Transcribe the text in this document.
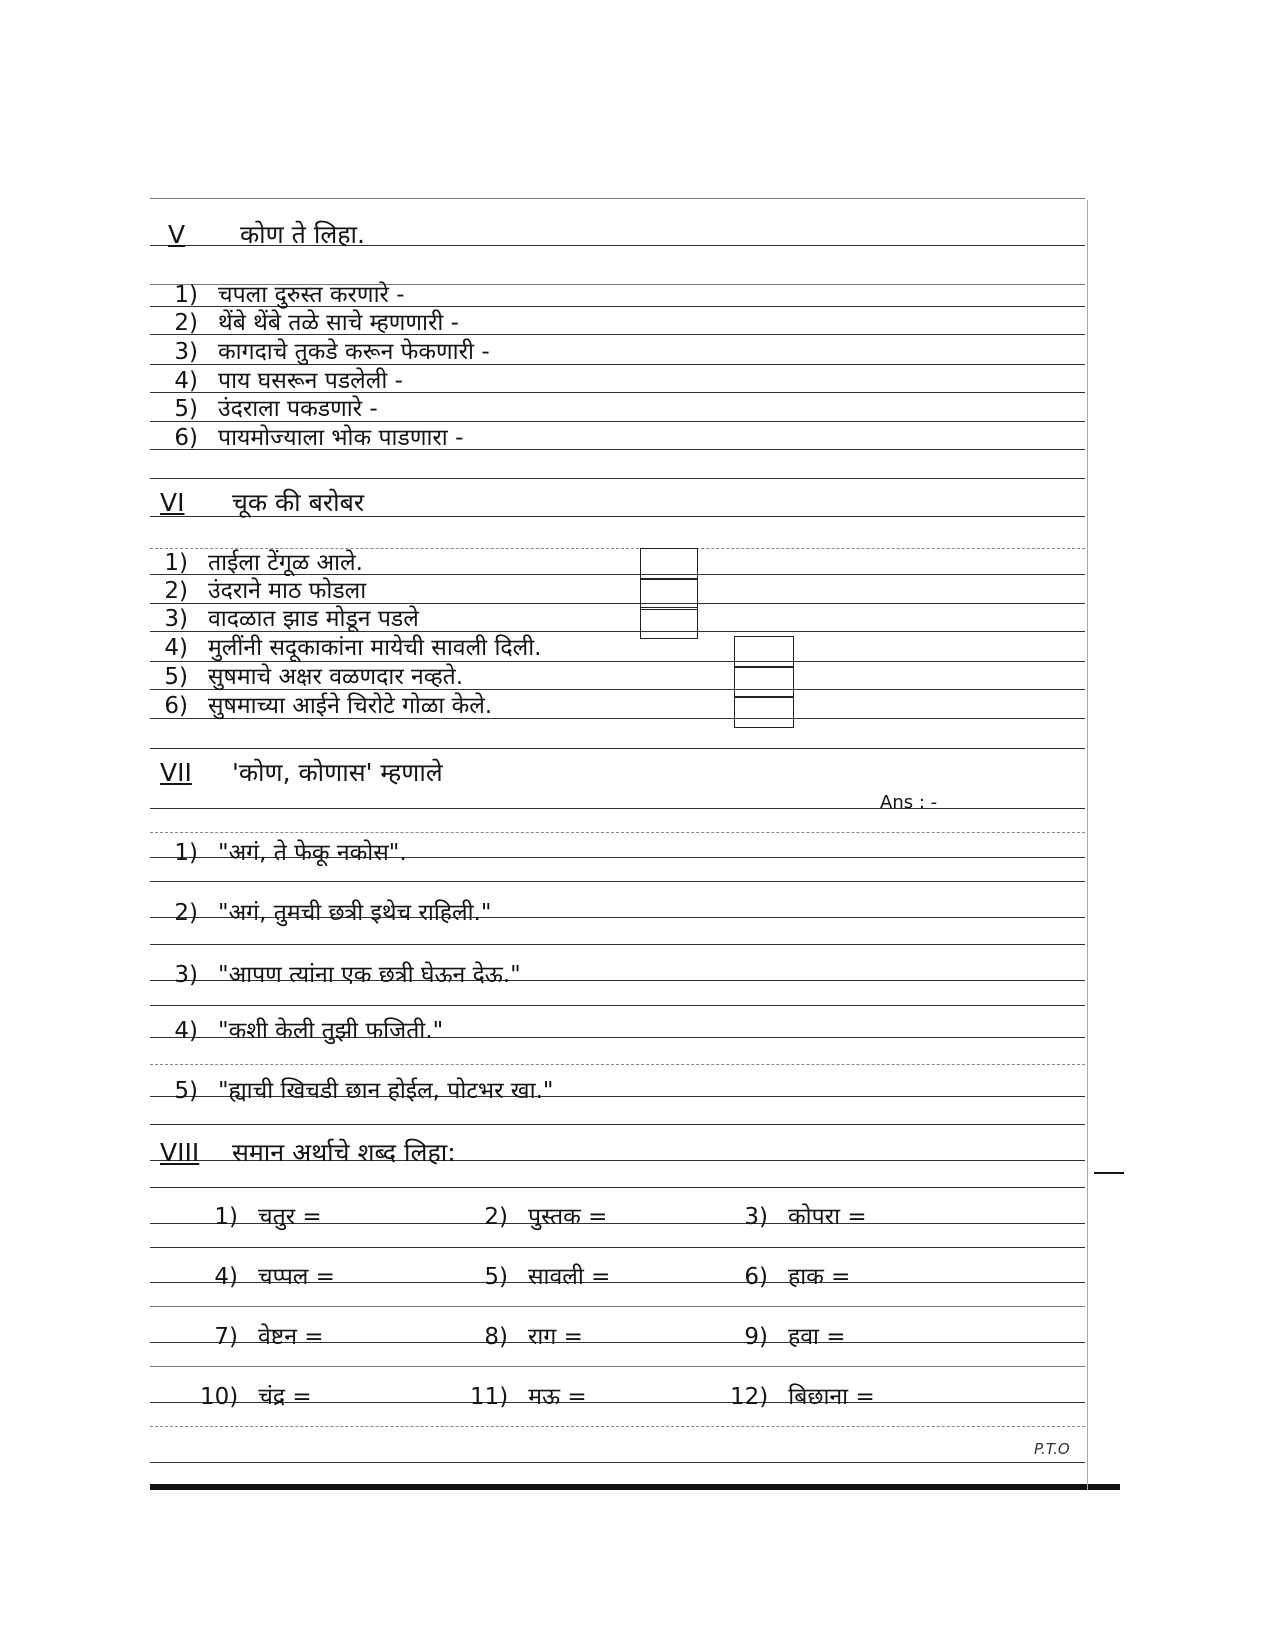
V कोण ते लिहा.
1) चपला दुरुस्त करणारे -
2) थेंबे थेंबे तळे साचे म्हणणारी -
3) कागदाचे तुकडे करून फेकणारी -
4) पाय घसरून पडलेली -
5) उंदराला पकडणारे -
6) पायमोज्याला भोक पाडणारा -
VI चूक की बरोबर
1) ताईला टेंगूळ आले.
2) उंदराने माठ फोडला
3) वादळात झाड मोडून पडले
4) मुलींनी सदूकाकांना मायेची सावली दिली.
5) सुषमाचे अक्षर वळणदार नव्हते.
6) सुषमाच्या आईने चिरोटे गोळा केले.
VII 'कोण, कोणास' म्हणाले
Ans : -
1) "अगं, ते फेकू नकोस".
2) "अगं, तुमची छत्री इथेच राहिली."
3) "आपण त्यांना एक छत्री घेऊन देऊ."
4) "कशी केली तुझी फजिती."
5) "ह्याची खिचडी छान होईल, पोटभर खा."
VIII समान अर्थाचे शब्द लिहा:
1) चतुर =	2) पुस्तक =	3) कोपरा =
4) चप्पल =	5) सावली =	6) हाक =
7) वेष्टन =	8) राग =	9) हवा =
10) चंद्र =	11) मऊ =	12) बिछाना =
P.T.O
